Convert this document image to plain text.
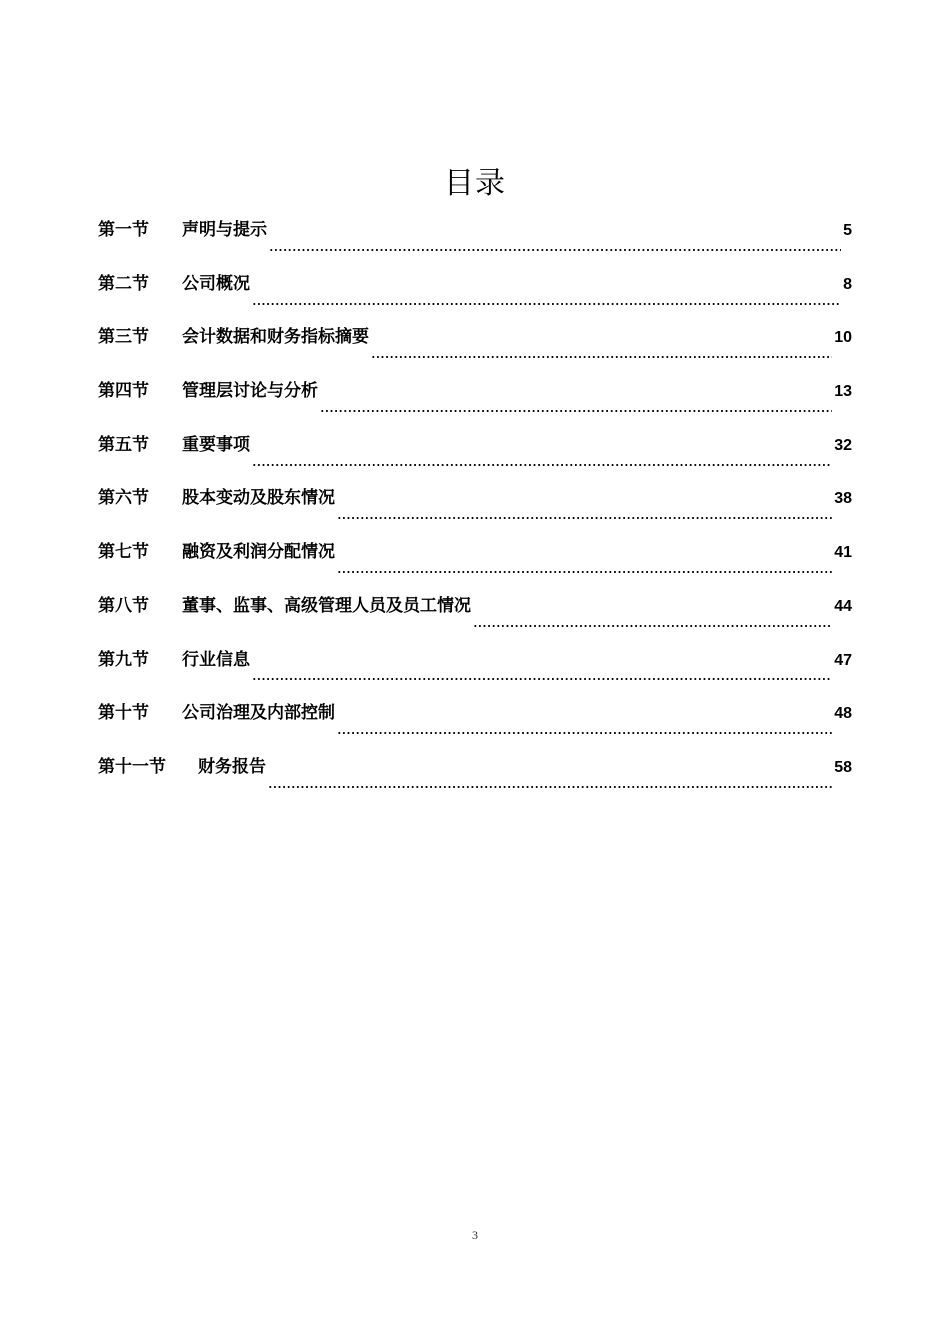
目录
第一节	声明与提示	5
第二节	公司概况	8
第三节	会计数据和财务指标摘要	10
第四节	管理层讨论与分析	13
第五节	重要事项	32
第六节	股本变动及股东情况	38
第七节	融资及利润分配情况	41
第八节	董事、监事、高级管理人员及员工情况	44
第九节	行业信息	47
第十节	公司治理及内部控制	48
第十一节	财务报告	58
3
